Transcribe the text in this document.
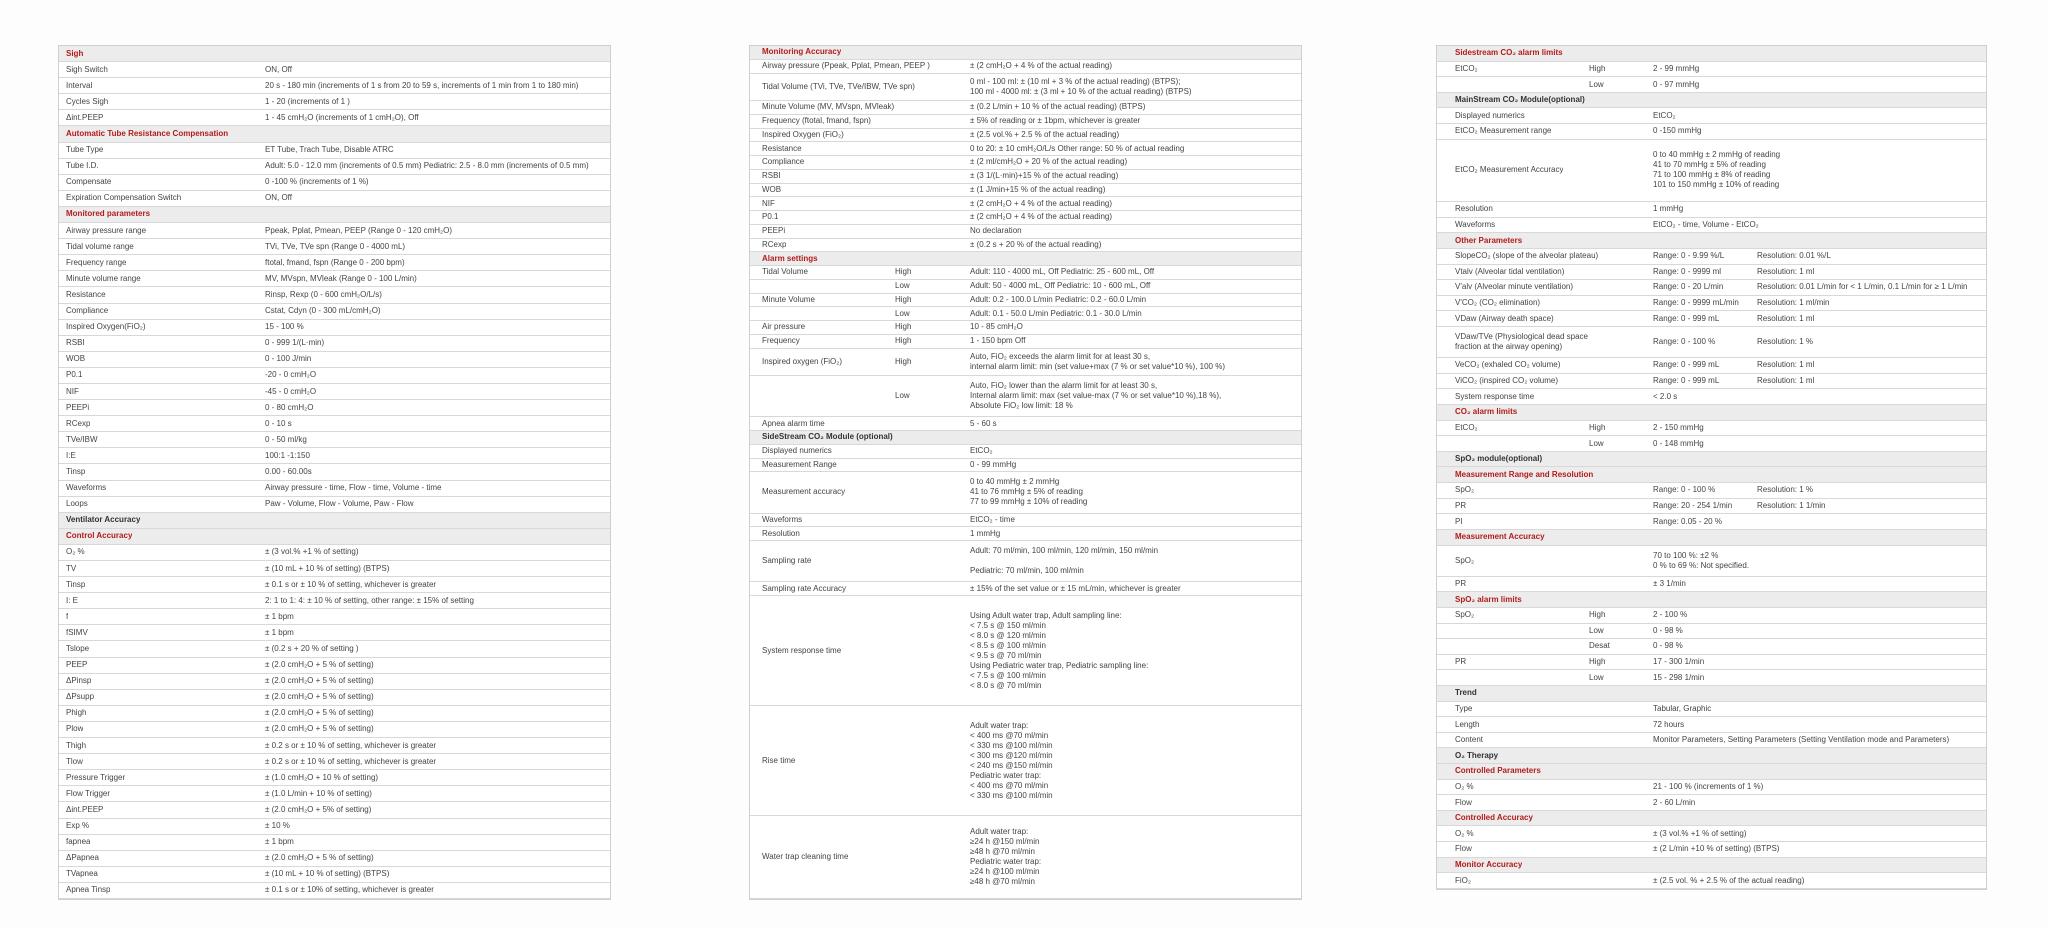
Sigh
Sigh Switch	ON, Off
Interval	20 s - 180 min (increments of 1 s from 20 to 59 s, increments of 1 min from 1 to 180 min)
Cycles Sigh	1 - 20 (increments of 1 )
Δint.PEEP	1 - 45 cmH₂O (increments of 1 cmH₂O), Off
Automatic Tube Resistance Compensation
Tube Type	ET Tube, Trach Tube, Disable ATRC
Tube I.D.	Adult: 5.0 - 12.0 mm (increments of 0.5 mm) Pediatric: 2.5 - 8.0 mm (increments of 0.5 mm)
Compensate	0 -100 % (increments of 1 %)
Expiration Compensation Switch	ON, Off
Monitored parameters
Airway pressure range	Ppeak, Pplat, Pmean, PEEP (Range 0 - 120 cmH₂O)
Tidal volume range	TVi, TVe, TVe spn (Range 0 - 4000 mL)
Frequency range	ftotal, fmand, fspn (Range 0 - 200 bpm)
Minute volume range	MV, MVspn, MVleak (Range 0 - 100 L/min)
Resistance	Rinsp, Rexp (0 - 600 cmH₂O/L/s)
Compliance	Cstat, Cdyn (0 - 300 mL/cmH₂O)
Inspired Oxygen(FiO₂)	15 - 100 %
RSBI	0 - 999 1/(L·min)
WOB	0 - 100 J/min
P0.1	-20 - 0 cmH₂O
NIF	-45 - 0 cmH₂O
PEEPi	0 - 80 cmH₂O
RCexp	0 - 10 s
TVe/IBW	0 - 50 ml/kg
I:E	100:1 -1:150
Tinsp	0.00 - 60.00s
Waveforms	Airway pressure - time, Flow - time, Volume - time
Loops	Paw - Volume, Flow - Volume, Paw - Flow
Ventilator Accuracy
Control Accuracy
O₂ %	± (3 vol.% +1 % of setting)
TV	± (10 mL + 10 % of setting) (BTPS)
Tinsp	± 0.1 s or ± 10 % of setting, whichever is greater
I: E	2: 1 to 1: 4: ± 10 % of setting, other range: ± 15% of setting
f	± 1 bpm
fSIMV	± 1 bpm
Tslope	± (0.2 s + 20 % of setting )
PEEP	± (2.0 cmH₂O + 5 % of setting)
ΔPinsp	± (2.0 cmH₂O + 5 % of setting)
ΔPsupp	± (2.0 cmH₂O + 5 % of setting)
Phigh	± (2.0 cmH₂O + 5 % of setting)
Plow	± (2.0 cmH₂O + 5 % of setting)
Thigh	± 0.2 s or ± 10 % of setting, whichever is greater
Tlow	± 0.2 s or ± 10 % of setting, whichever is greater
Pressure Trigger	± (1.0 cmH₂O + 10 % of setting)
Flow Trigger	± (1.0 L/min + 10 % of setting)
Δint.PEEP	± (2.0 cmH₂O + 5% of setting)
Exp %	± 10 %
fapnea	± 1 bpm
ΔPapnea	± (2.0 cmH₂O + 5 % of setting)
TVapnea	± (10 mL + 10 % of setting) (BTPS)
Apnea Tinsp	± 0.1 s or ± 10% of setting, whichever is greater
Monitoring Accuracy
Airway pressure (Ppeak, Pplat, Pmean, PEEP )	± (2 cmH₂O + 4 % of the actual reading)
Tidal Volume (TVi, TVe, TVe/IBW, TVe spn)
0 ml - 100 ml: ± (10 ml + 3 % of the actual reading) (BTPS);
100 ml - 4000 ml: ± (3 ml + 10 % of the actual reading) (BTPS)
Minute Volume (MV, MVspn, MVleak)	± (0.2 L/min + 10 % of the actual reading) (BTPS)
Frequency (ftotal, fmand, fspn)	± 5% of reading or ± 1bpm, whichever is greater
Inspired Oxygen (FiO₂)	± (2.5 vol.% + 2.5 % of the actual reading)
Resistance	0 to 20: ± 10 cmH₂O/L/s Other range: 50 % of actual reading
Compliance	± (2 ml/cmH₂O + 20 % of the actual reading)
RSBI	± (3 1/(L·min)+15 % of the actual reading)
WOB	± (1 J/min+15 % of the actual reading)
NIF	± (2 cmH₂O + 4 % of the actual reading)
P0.1	± (2 cmH₂O + 4 % of the actual reading)
PEEPi	No declaration
RCexp	± (0.2 s + 20 % of the actual reading)
Alarm settings
Tidal Volume	High	Adult: 110 - 4000 mL, Off Pediatric: 25 - 600 mL, Off
Low	Adult: 50 - 4000 mL, Off Pediatric: 10 - 600 mL, Off
Minute Volume	High	Adult: 0.2 - 100.0 L/min Pediatric: 0.2 - 60.0 L/min
Low	Adult: 0.1 - 50.0 L/min Pediatric: 0.1 - 30.0 L/min
Air pressure	High	10 - 85 cmH₂O
Frequency	High	1 - 150 bpm Off
Inspired oxygen (FiO₂)	High
Auto, FiO₂ exceeds the alarm limit for at least 30 s,
internal alarm limit: min (set value+max (7 % or set value*10 %), 100 %)
Low
Auto, FiO₂ lower than the alarm limit for at least 30 s,
Internal alarm limit: max (set value-max (7 % or set value*10 %),18 %),
Absolute FiO₂ low limit: 18 %
Apnea alarm time	5 - 60 s
SideStream CO₂ Module (optional)
Displayed numerics	EtCO₂
Measurement Range	0 - 99 mmHg
Measurement accuracy
0 to 40 mmHg ± 2 mmHg
41 to 76 mmHg ± 5% of reading
77 to 99 mmHg ± 10% of reading
Waveforms	EtCO₂ - time
Resolution	1 mmHg
Sampling rate
Adult: 70 ml/min, 100 ml/min, 120 ml/min, 150 ml/min

Pediatric: 70 ml/min, 100 ml/min
Sampling rate Accuracy	± 15% of the set value or ± 15 mL/min, whichever is greater
System response time
Using Adult water trap, Adult sampling line:
< 7.5 s @ 150 ml/min
< 8.0 s @ 120 ml/min
< 8.5 s @ 100 ml/min
< 9.5 s @ 70 ml/min
Using Pediatric water trap, Pediatric sampling line:
< 7.5 s @ 100 ml/min
< 8.0 s @ 70 ml/min
Rise time
Adult water trap:
< 400 ms @70 ml/min
< 330 ms @100 ml/min
< 300 ms @120 ml/min
< 240 ms @150 ml/min
Pediatric water trap:
< 400 ms @70 ml/min
< 330 ms @100 ml/min
Water trap cleaning time
Adult water trap:
≥24 h @150 ml/min
≥48 h @70 ml/min
Pediatric water trap:
≥24 h @100 ml/min
≥48 h @70 ml/min
Sidestream CO₂ alarm limits
EtCO₂	High	2 - 99 mmHg
Low	0 - 97 mmHg
MainStream CO₂ Module(optional)
Displayed numerics	EtCO₂
EtCO₂ Measurement range	0 -150 mmHg
EtCO₂ Measurement Accuracy
0 to 40 mmHg ± 2 mmHg of reading
41 to 70 mmHg ± 5% of reading
71 to 100 mmHg ± 8% of reading
101 to 150 mmHg ± 10% of reading
Resolution	1 mmHg
Waveforms	EtCO₂ - time, Volume - EtCO₂
Other Parameters
SlopeCO₂ (slope of the alveolar plateau)	Range: 0 - 9.99 %/L	Resolution: 0.01 %/L
Vtalv (Alveolar tidal ventilation)	Range: 0 - 9999 ml	Resolution: 1 ml
V'alv (Alveolar minute ventilation)	Range: 0 - 20 L/min	Resolution: 0.01 L/min for < 1 L/min, 0.1 L/min for ≥ 1 L/min
V'CO₂ (CO₂ elimination)	Range: 0 - 9999 mL/min	Resolution: 1 ml/min
VDaw (Airway death space)	Range: 0 - 999 mL	Resolution: 1 ml
VDaw/TVe (Physiological dead space
fraction at the airway opening)
Range: 0 - 100 %	Resolution: 1 %
VeCO₂ (exhaled CO₂ volume)	Range: 0 - 999 mL	Resolution: 1 ml
ViCO₂ (inspired CO₂ volume)	Range: 0 - 999 mL	Resolution: 1 ml
System response time	< 2.0 s
CO₂ alarm limits
EtCO₂	High	2 - 150 mmHg
Low	0 - 148 mmHg
SpO₂ module(optional)
Measurement Range and Resolution
SpO₂	Range: 0 - 100 %	Resolution: 1 %
PR	Range: 20 - 254 1/min	Resolution: 1 1/min
PI	Range: 0.05 - 20 %
Measurement Accuracy
SpO₂
70 to 100 %: ±2 %
0 % to 69 %: Not specified.
PR	± 3 1/min
SpO₂ alarm limits
SpO₂	High	2 - 100 %
Low	0 - 98 %
Desat	0 - 98 %
PR	High	17 - 300 1/min
Low	15 - 298 1/min
Trend
Type	Tabular, Graphic
Length	72 hours
Content	Monitor Parameters, Setting Parameters (Setting Ventilation mode and Parameters)
O₂ Therapy
Controlled Parameters
O₂ %	21 - 100 % (increments of 1 %)
Flow	2 - 60 L/min
Controlled Accuracy
O₂ %	± (3 vol.% +1 % of setting)
Flow	± (2 L/min +10 % of setting) (BTPS)
Monitor Accuracy
FiO₂	± (2.5 vol. % + 2.5 % of the actual reading)
